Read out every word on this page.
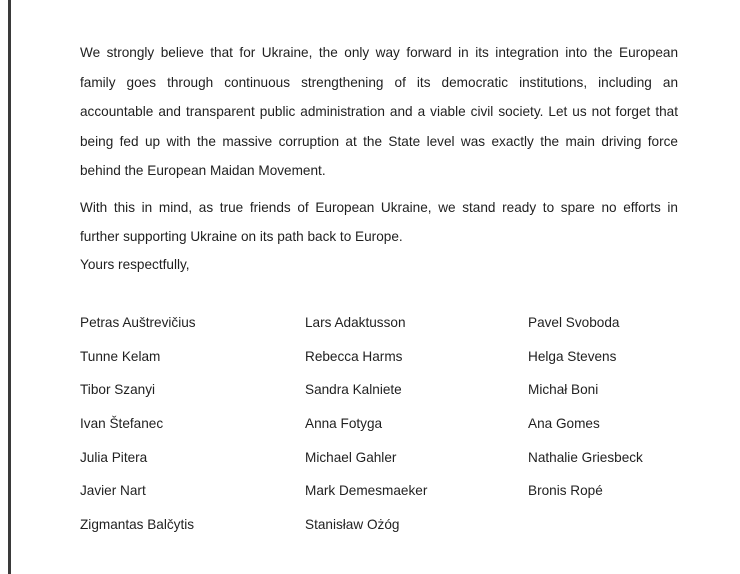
We strongly believe that for Ukraine, the only way forward in its integration into the European
family goes through continuous strengthening of its democratic institutions, including an
accountable and transparent public administration and a viable civil society. Let us not forget that
being fed up with the massive corruption at the State level was exactly the main driving force
behind the European Maidan Movement.
With this in mind, as true friends of European Ukraine, we stand ready to spare no efforts in
further supporting Ukraine on its path back to Europe.
Yours respectfully,
Petras Auštrevičius
Tunne Kelam
Tibor Szanyi
Ivan Štefanec
Julia Pitera
Javier Nart
Zigmantas Balčytis
Lars Adaktusson
Rebecca Harms
Sandra Kalniete
Anna Fotyga
Michael Gahler
Mark Demesmaeker
Stanisław Ożóg
Pavel Svoboda
Helga Stevens
Michał Boni
Ana Gomes
Nathalie Griesbeck
Bronis Ropé
